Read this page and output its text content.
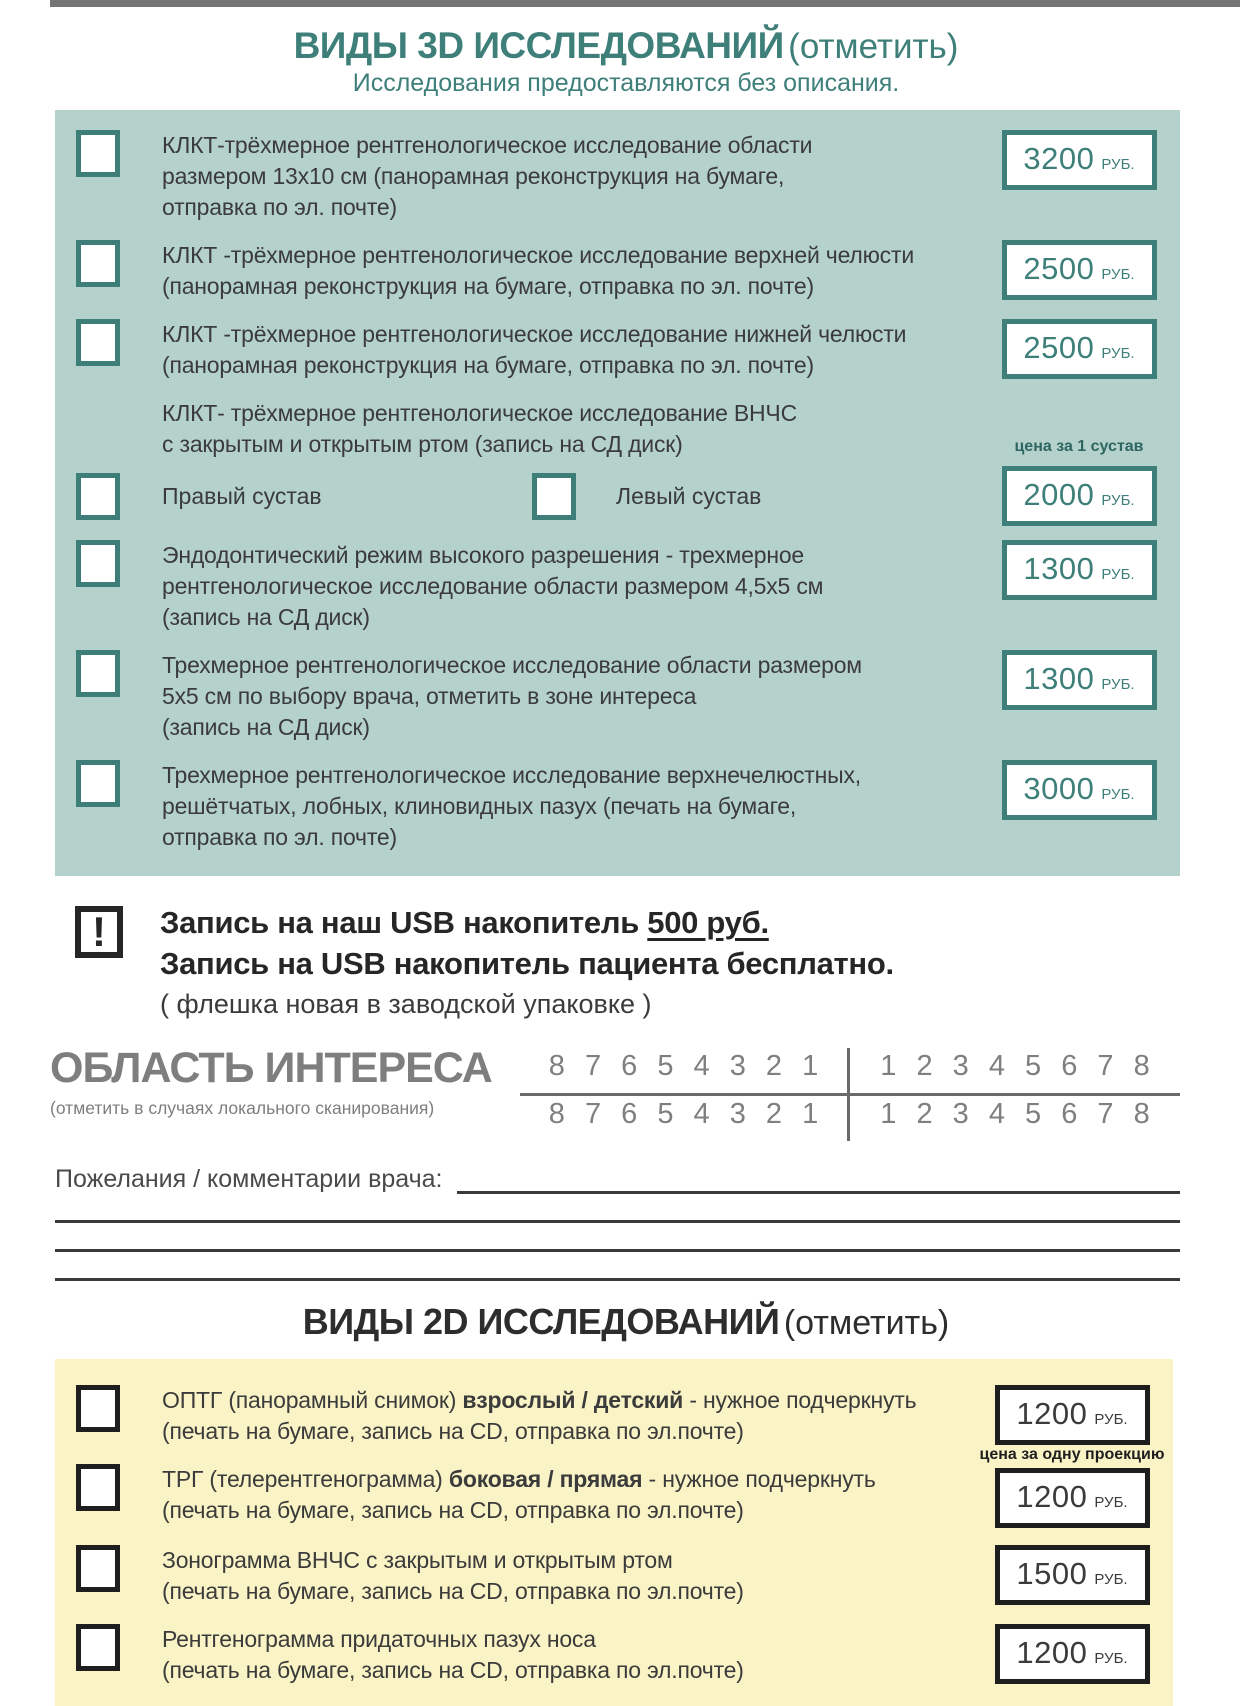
ВИДЫ 3D ИССЛЕДОВАНИЙ (отметить)
Исследования предоставляются без описания.
КЛКТ-трёхмерное рентгенологическое исследование области
размером 13х10 см (панорамная реконструкция на бумаге,
отправка по эл. почте)
3200 РУБ.
КЛКТ -трёхмерное рентгенологическое исследование верхней челюсти
(панорамная реконструкция на бумаге, отправка по эл. почте)	2500 РУБ.
КЛКТ -трёхмерное рентгенологическое исследование нижней челюсти
(панорамная реконструкция на бумаге, отправка по эл. почте)	2500 РУБ.
КЛКТ- трёхмерное рентгенологическое исследование ВНЧС
с закрытым и открытым ртом (запись на СД диск)	цена за 1 сустав
Правый сустав	Левый сустав	2000 РУБ.
Эндодонтический режим высокого разрешения - трехмерное
рентгенологическое исследование области размером 4,5х5 см
(запись на СД диск)
1300 РУБ.
Трехмерное рентгенологическое исследование области размером
5х5 см по выбору врача, отметить в зоне интереса
(запись на СД диск)
1300 РУБ.
Трехмерное рентгенологическое исследование верхнечелюстных,
решётчатых, лобных, клиновидных пазух (печать на бумаге,
отправка по эл. почте)
3000 РУБ.
!	Запись на наш USB накопитель 500 руб.
Запись на USB накопитель пациента бесплатно.
( флешка новая в заводской упаковке )
ОБЛАСТЬ ИНТЕРЕСА
(отметить в случаях локального сканирования)
8 7 6 5 4 3 2 1	1 2 3 4 5 6 7 8
8 7 6 5 4 3 2 1	1 2 3 4 5 6 7 8
Пожелания / комментарии врача:
ВИДЫ 2D ИССЛЕДОВАНИЙ (отметить)
ОПТГ (панорамный снимок) взрослый / детский - нужное подчеркнуть
(печать на бумаге, запись на CD, отправка по эл.почте)	1200 РУБ.
ТРГ (телерентгенограмма) боковая / прямая - нужное подчеркнуть
(печать на бумаге, запись на CD, отправка по эл.почте)
цена за одну проекцию
1200 РУБ.
Зонограмма ВНЧС с закрытым и открытым ртом
(печать на бумаге, запись на CD, отправка по эл.почте)	1500 РУБ.
Рентгенограмма придаточных пазух носа
(печать на бумаге, запись на CD, отправка по эл.почте)	1200 РУБ.
